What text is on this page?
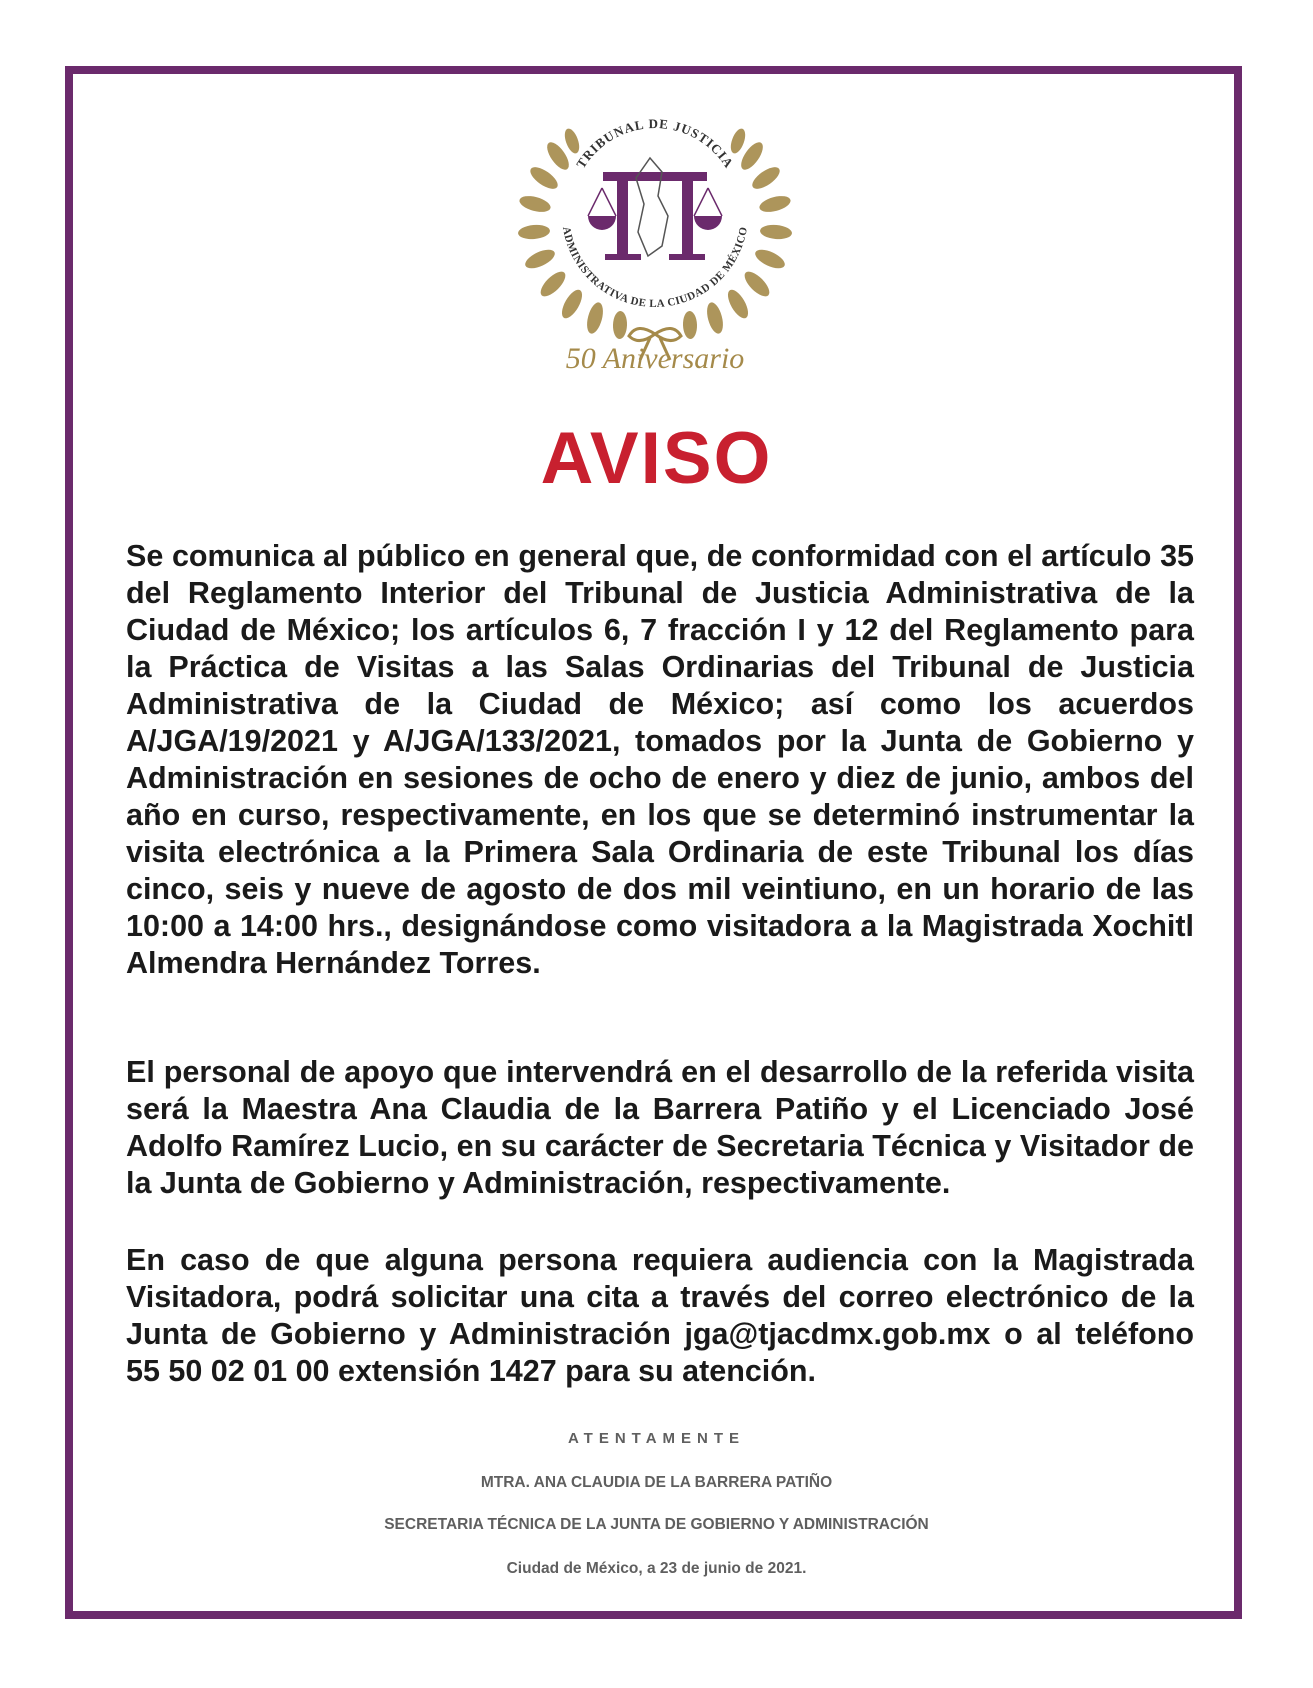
TRIBUNAL DE JUSTICIA
ADMINISTRATIVA DE LA CIUDAD DE MÉXICO
50 Aniversario
AVISO
Se comunica al público en general que, de conformidad con el artículo 35 del Reglamento Interior del Tribunal de Justicia Administrativa de la Ciudad de México; los artículos 6, 7 fracción I y 12 del Reglamento para la Práctica de Visitas a las Salas Ordinarias del Tribunal de Justicia Administrativa de la Ciudad de México; así como los acuerdos A/JGA/19/2021 y A/JGA/133/2021, tomados por la Junta de Gobierno y Administración en sesiones de ocho de enero y diez de junio, ambos del año en curso, respectivamente, en los que se determinó instrumentar la visita electrónica a la Primera Sala Ordinaria de este Tribunal los días cinco, seis y nueve de agosto de dos mil veintiuno, en un horario de las 10:00 a 14:00 hrs., designándose como visitadora a la Magistrada Xochitl Almendra Hernández Torres.
El personal de apoyo que intervendrá en el desarrollo de la referida visita será la Maestra Ana Claudia de la Barrera Patiño y el Licenciado José Adolfo Ramírez Lucio, en su carácter de Secretaria Técnica y Visitador de la Junta de Gobierno y Administración, respectivamente.
En caso de que alguna persona requiera audiencia con la Magistrada Visitadora, podrá solicitar una cita a través del correo electrónico de la Junta de Gobierno y Administración jga@tjacdmx.gob.mx o al teléfono 55 50 02 01 00 extensión 1427 para su atención.
ATENTAMENTE
MTRA. ANA CLAUDIA DE LA BARRERA PATIÑO
SECRETARIA TÉCNICA DE LA JUNTA DE GOBIERNO Y ADMINISTRACIÓN
Ciudad de México, a 23 de junio de 2021.
